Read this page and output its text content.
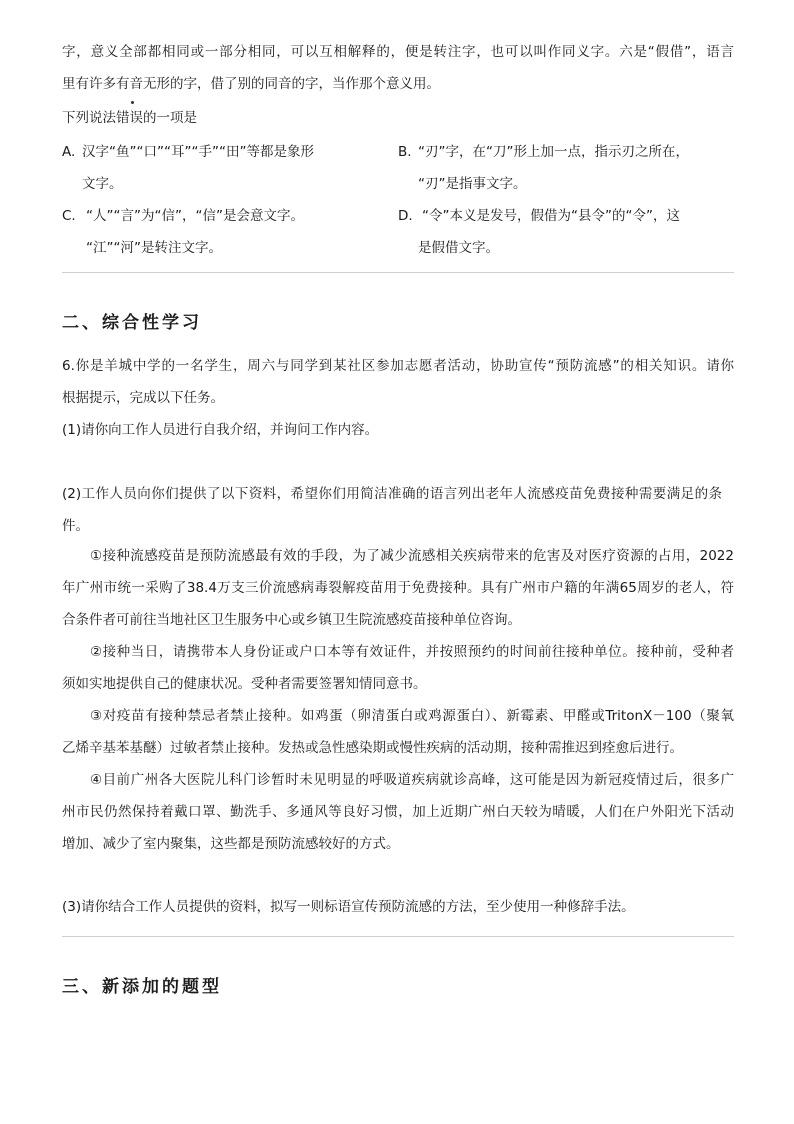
字，意义全部都相同或一部分相同，可以互相解释的，便是转注字，也可以叫作同义字。六是“假借”，语言
里有许多有音无形的字，借了别的同音的字，当作那个意义用。
下列说法错误的一项是
A. 汉字“鱼”“口”“耳”“手”“田”等都是象形
文字。
B. “刃”字，在“刀”形上加一点，指示刃之所在，
“刃”是指事文字。
C. “人”“言”为“信”，“信”是会意文字。
“江”“河”是转注文字。
D. “令”本义是发号，假借为“县令”的“令”，这
是假借文字。
二、综合性学习
6.你是羊城中学的一名学生，周六与同学到某社区参加志愿者活动，协助宣传“预防流感”的相关知识。请你
根据提示，完成以下任务。
(1)请你向工作人员进行自我介绍，并询问工作内容。
(2)工作人员向你们提供了以下资料，希望你们用简洁准确的语言列出老年人流感疫苗免费接种需要满足的条
件。
①接种流感疫苗是预防流感最有效的手段，为了减少流感相关疾病带来的危害及对医疗资源的占用，2022
年广州市统一采购了38.4万支三价流感病毒裂解疫苗用于免费接种。具有广州市户籍的年满65周岁的老人，符
合条件者可前往当地社区卫生服务中心或乡镇卫生院流感疫苗接种单位咨询。
②接种当日，请携带本人身份证或户口本等有效证件，并按照预约的时间前往接种单位。接种前，受种者
须如实地提供自己的健康状况。受种者需要签署知情同意书。
③对疫苗有接种禁忌者禁止接种。如鸡蛋（卵清蛋白或鸡源蛋白）、新霉素、甲醛或TritonX－100（聚氧
乙烯辛基苯基醚）过敏者禁止接种。发热或急性感染期或慢性疾病的活动期，接种需推迟到痊愈后进行。
④目前广州各大医院儿科门诊暂时未见明显的呼吸道疾病就诊高峰，这可能是因为新冠疫情过后，很多广
州市民仍然保持着戴口罩、勤洗手、多通风等良好习惯，加上近期广州白天较为晴暖，人们在户外阳光下活动
增加、减少了室内聚集，这些都是预防流感较好的方式。
(3)请你结合工作人员提供的资料，拟写一则标语宣传预防流感的方法，至少使用一种修辞手法。
三、新添加的题型
